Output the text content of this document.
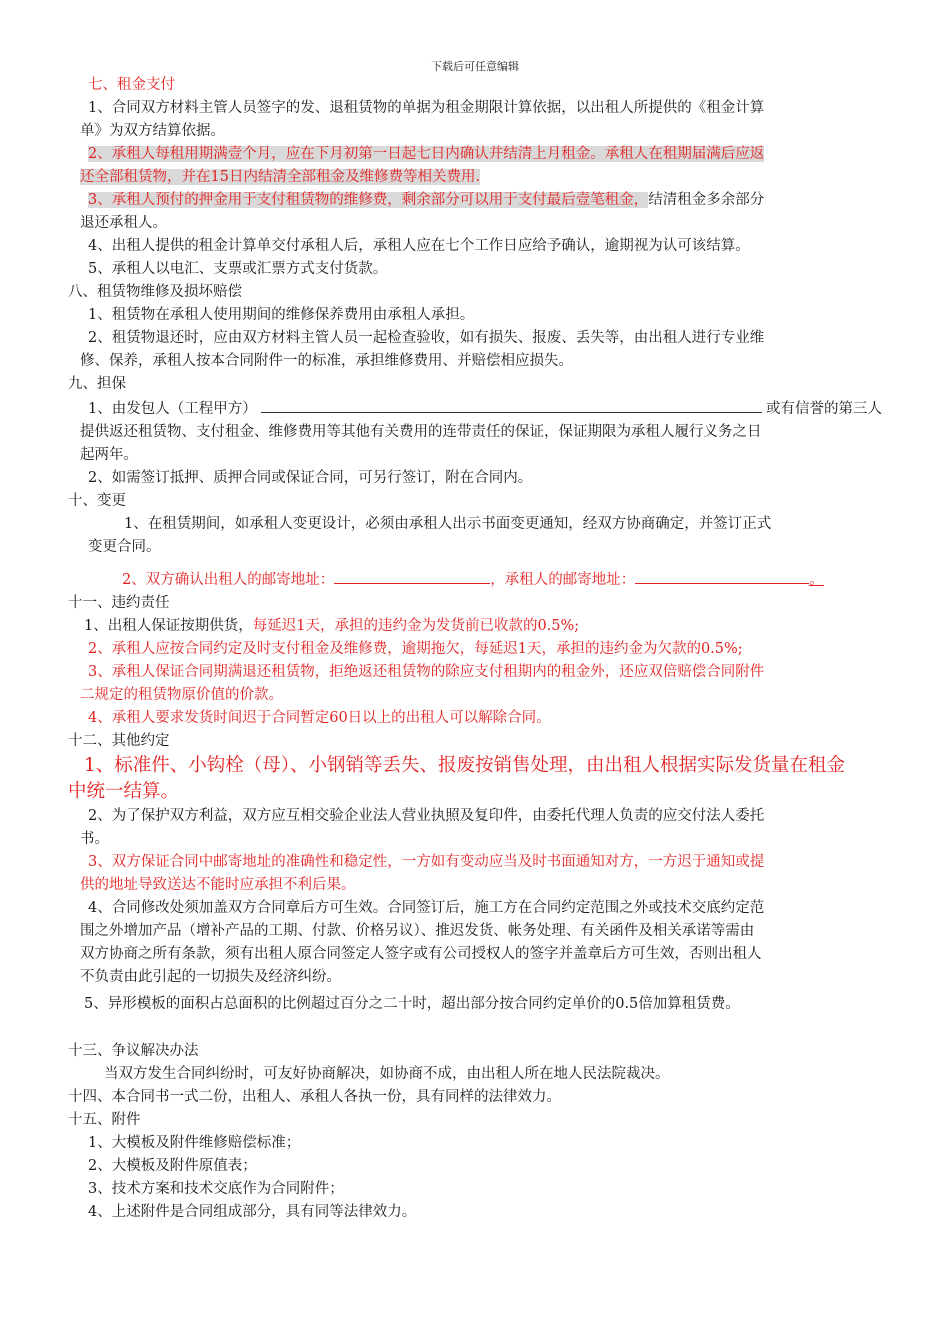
下载后可任意编辑

七、租金支付

1、合同双方材料主管人员签字的发、退租赁物的单据为租金期限计算依据，以出租人所提供的《租金计算

单》为双方结算依据。

2、承租人每租用期满壹个月，应在下月初第一日起七日内确认并结清上月租金。承租人在租期届满后应返

还全部租赁物，并在15日内结清全部租金及维修费等相关费用.

3、承租人预付的押金用于支付租赁物的维修费，剩余部分可以用于支付最后壹笔租金，结清租金多余部分

退还承租人。

4、出租人提供的租金计算单交付承租人后，承租人应在七个工作日应给予确认，逾期视为认可该结算。

5、承租人以电汇、支票或汇票方式支付货款。

八、租赁物维修及损坏赔偿

1、租赁物在承租人使用期间的维修保养费用由承租人承担。

2、租赁物退还时，应由双方材料主管人员一起检查验收，如有损失、报废、丢失等，由出租人进行专业维

修、保养，承租人按本合同附件一的标准，承担维修费用、并赔偿相应损失。

九、担保

1、由发包人（工程甲方）	或有信誉的第三人

提供返还租赁物、支付租金、维修费用等其他有关费用的连带责任的保证，保证期限为承租人履行义务之日

起两年。

2、如需签订抵押、质押合同或保证合同，可另行签订，附在合同内。

十、变更

1、在租赁期间，如承租人变更设计，必须由承租人出示书面变更通知，经双方协商确定，并签订正式

变更合同。

2、双方确认出租人的邮寄地址：	，承租人的邮寄地址：	。

十一、违约责任

1、出租人保证按期供货，每延迟1天，承担的违约金为发货前已收款的0.5%;

2、承租人应按合同约定及时支付租金及维修费，逾期拖欠，每延迟1天，承担的违约金为欠款的0.5%;

3、承租人保证合同期满退还租赁物，拒绝返还租赁物的除应支付租期内的租金外，还应双倍赔偿合同附件

二规定的租赁物原价值的价款。

4、承租人要求发货时间迟于合同暂定60日以上的出租人可以解除合同。

十二、其他约定

1、标准件、小钩栓（母）、小钢销等丢失、报废按销售处理，由出租人根据实际发货量在租金

中统一结算。

2、为了保护双方利益，双方应互相交验企业法人营业执照及复印件，由委托代理人负责的应交付法人委托

书。

3、双方保证合同中邮寄地址的准确性和稳定性，一方如有变动应当及时书面通知对方，一方迟于通知或提

供的地址导致送达不能时应承担不利后果。

4、合同修改处须加盖双方合同章后方可生效。合同签订后，施工方在合同约定范围之外或技术交底约定范

围之外增加产品（增补产品的工期、付款、价格另议）、推迟发货、帐务处理、有关函件及相关承诺等需由

双方协商之所有条款，须有出租人原合同签定人签字或有公司授权人的签字并盖章后方可生效，否则出租人

不负责由此引起的一切损失及经济纠纷。

5、异形模板的面积占总面积的比例超过百分之二十时，超出部分按合同约定单价的0.5倍加算租赁费。

十三、争议解决办法

当双方发生合同纠纷时，可友好协商解决，如协商不成，由出租人所在地人民法院裁决。

十四、本合同书一式二份，出租人、承租人各执一份，具有同样的法律效力。

十五、附件

1、大模板及附件维修赔偿标准；

2、大模板及附件原值表；

3、技术方案和技术交底作为合同附件；

4、上述附件是合同组成部分，具有同等法律效力。
